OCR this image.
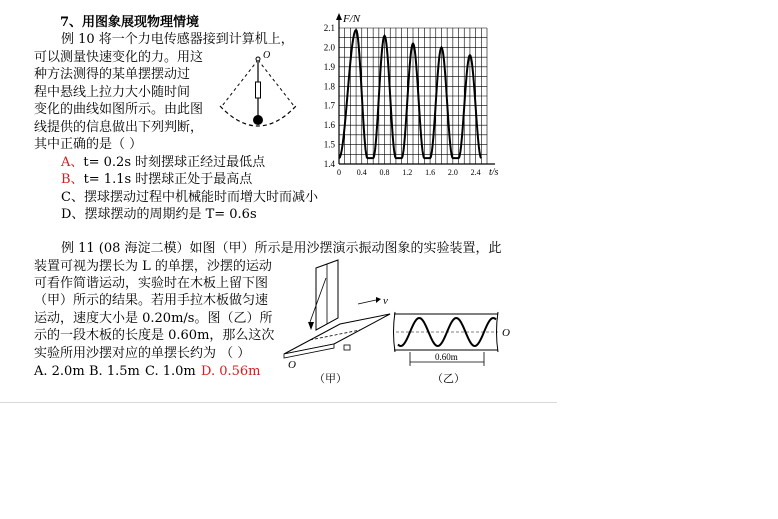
7、用图象展现物理情境
例 10 将一个力电传感器接到计算机上，
可以测量快速变化的力。用这
种方法测得的某单摆摆动过
程中悬线上拉力大小随时间
变化的曲线如图所示。由此图
线提供的信息做出下列判断，
其中正确的是（ ）
A、t= 0.2s 时刻摆球正经过最低点
B、t= 1.1s 时摆球正处于最高点
C、摆球摆动过程中机械能时而增大时而减小
D、摆球摆动的周期约是 T= 0.6s
O
1.4
1.5
1.6
1.7
1.8
1.9
2.0
2.1
0 0.4 0.8 1.2 1.6 2.0 2.4
F/N
t/s
例 11 (08 海淀二模）如图（甲）所示是用沙摆演示振动图象的实验装置，此
装置可视为摆长为 L 的单摆，沙摆的运动
可看作简谐运动，实验时在木板上留下图
（甲）所示的结果。若用手拉木板做匀速
运动，速度大小是 0.20m/s。图（乙）所
示的一段木板的长度是 0.60m，那么这次
实验所用沙摆对应的单摆长约为 （ ）
A. 2.0m B. 1.5m C. 1.0m D. 0.56m
v
O
（甲）
O
0.60m
（乙）
